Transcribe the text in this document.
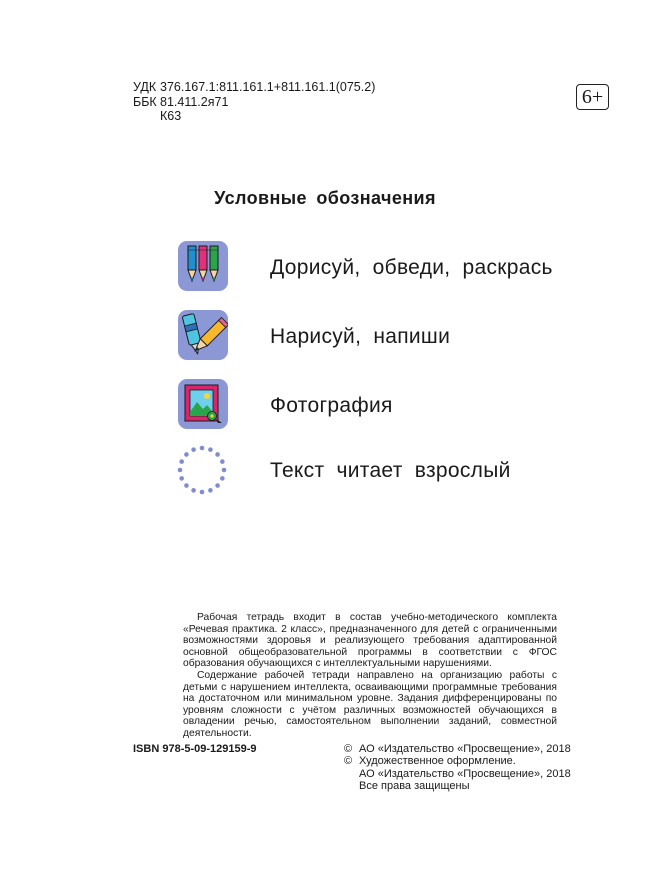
УДК 376.167.1:811.161.1+811.161.1(075.2)
ББК 81.411.2я71
К63
6+
Условные обозначения
Дорисуй, обведи, раскрась
Нарисуй, напиши
Фотография
Текст читает взрослый

Рабочая тетрадь входит в состав учебно-методического комплекта «Речевая практика. 2 класс», предназначенного для детей с ограниченными возможностями здоровья и реализующего требования адаптированной основной общеобразовательной программы в соответствии с ФГОС образования обучающихся с интеллектуальными нарушениями.

Содержание рабочей тетради направлено на организацию работы с детьми с нарушением интеллекта, осваивающими программные требования на достаточном или минимальном уровне. Задания дифференцированы по уровням сложности с учётом различных возможностей обучающихся в овладении речью, самостоятельном выполнении заданий, совместной деятельности.

ISBN 978-5-09-129159-9	© АО «Издательство «Просвещение», 2018
© Художественное оформление.
АО «Издательство «Просвещение», 2018
Все права защищены
